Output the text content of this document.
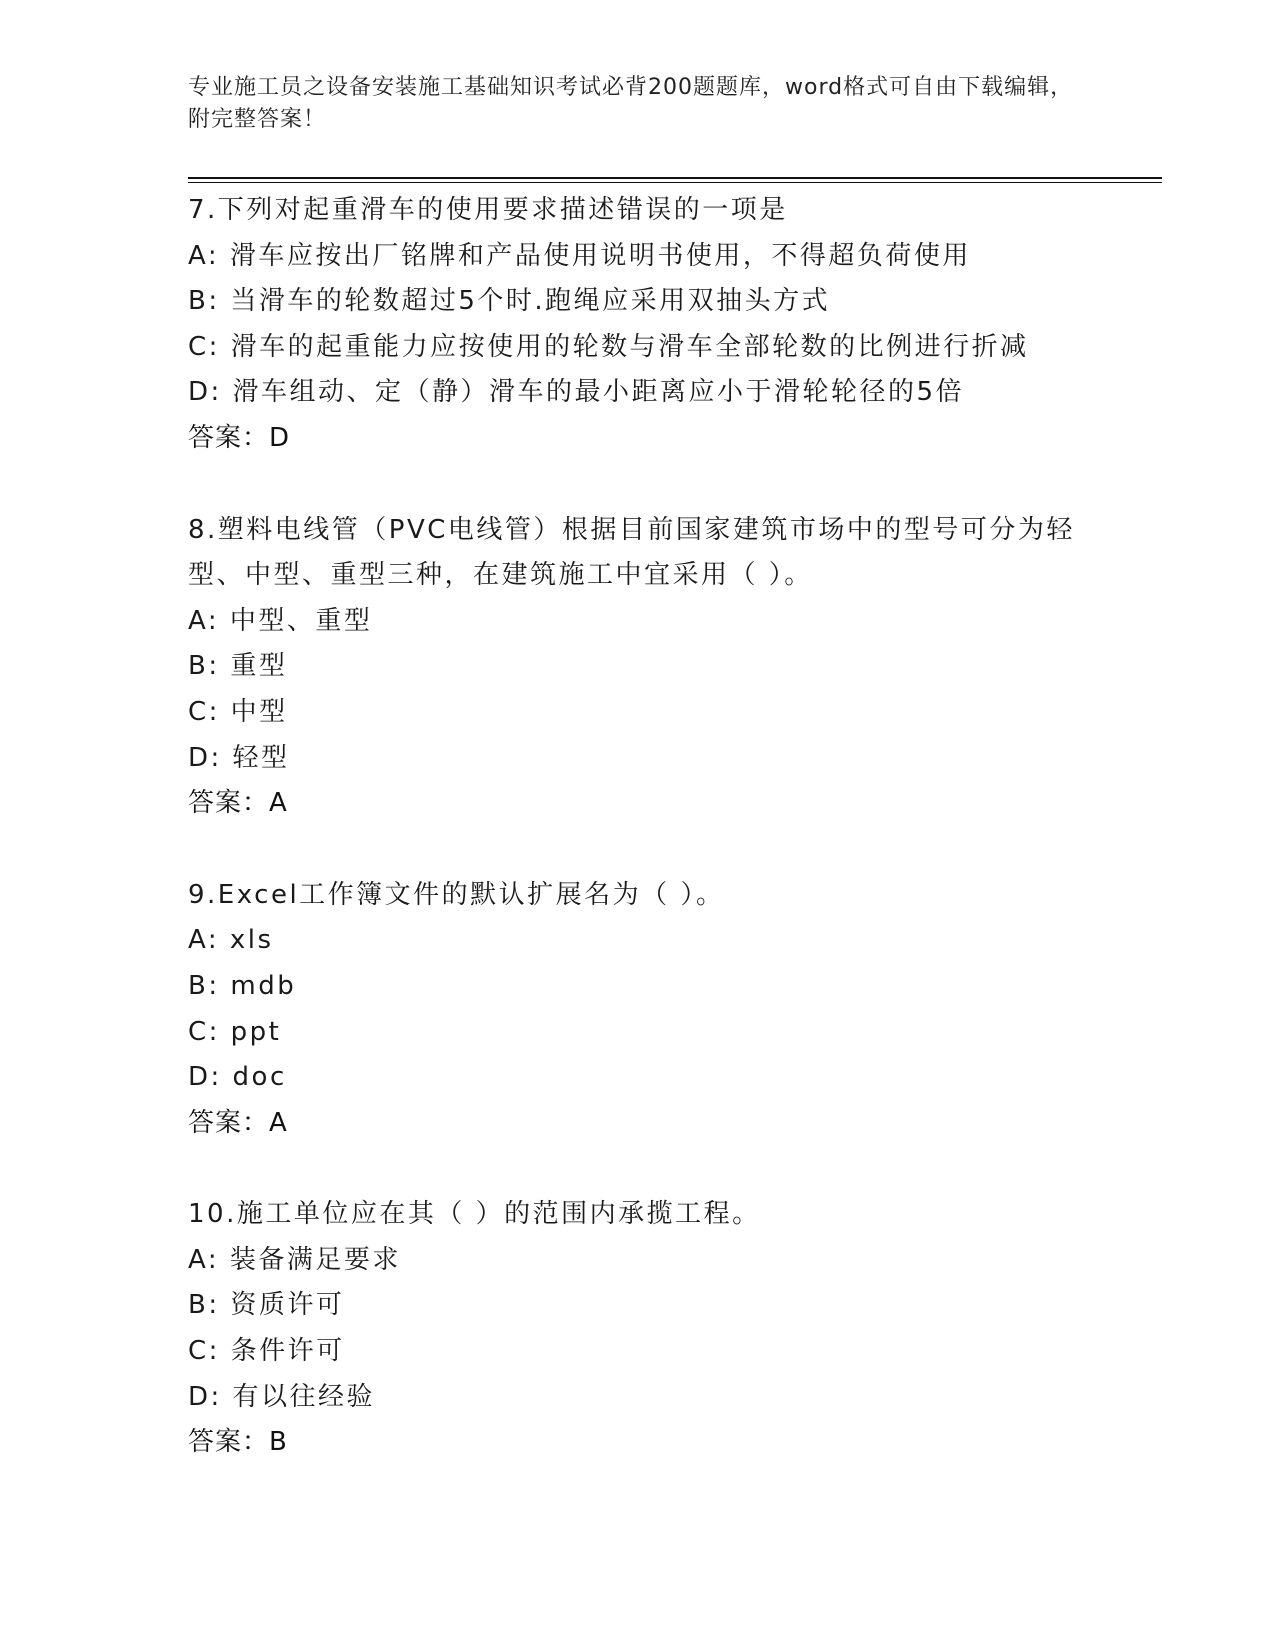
专业施工员之设备安装施工基础知识考试必背200题题库，word格式可自由下载编辑，附完整答案！
7.下列对起重滑车的使用要求描述错误的一项是
A: 滑车应按出厂铭牌和产品使用说明书使用，不得超负荷使用
B: 当滑车的轮数超过5个时.跑绳应采用双抽头方式
C: 滑车的起重能力应按使用的轮数与滑车全部轮数的比例进行折减
D: 滑车组动、定（静）滑车的最小距离应小于滑轮轮径的5倍
答案：D
8.塑料电线管（PVC电线管）根据目前国家建筑市场中的型号可分为轻型、中型、重型三种，在建筑施工中宜采用（ ）。
A: 中型、重型
B: 重型
C: 中型
D: 轻型
答案：A
9.Excel工作簿文件的默认扩展名为（ ）。
A: xls
B: mdb
C: ppt
D: doc
答案：A
10.施工单位应在其（ ）的范围内承揽工程。
A: 装备满足要求
B: 资质许可
C: 条件许可
D: 有以往经验
答案：B
